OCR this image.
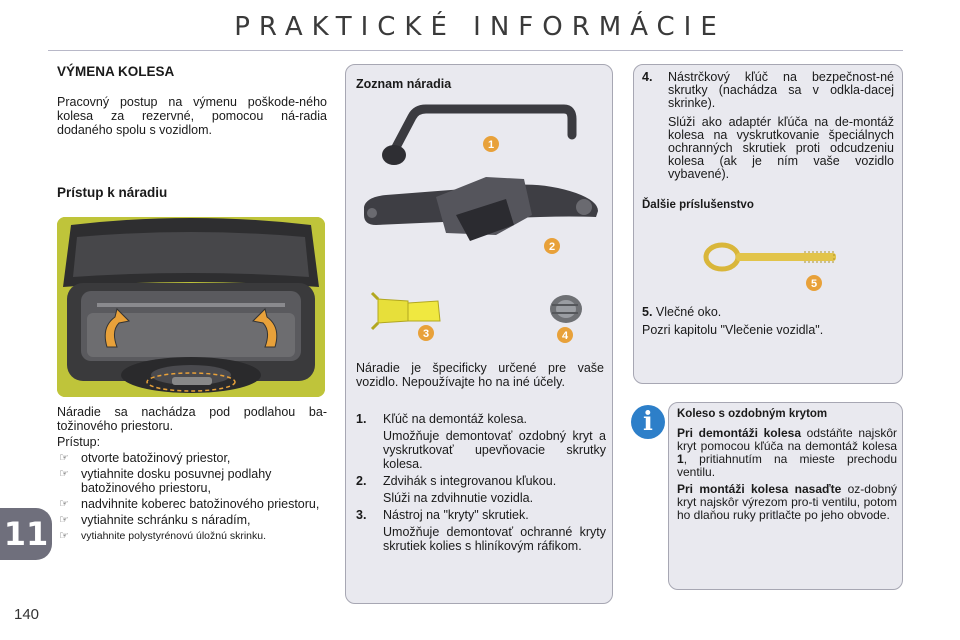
PRAKTICKÉ INFORMÁCIE
VÝMENA KOLESA
Pracovný postup na výmenu poškode-ného kolesa za rezervné, pomocou ná-radia dodaného spolu s vozidlom.
Prístup k náradiu
Náradie sa nachádza pod podlahou ba-tožinového priestoru.
Prístup:
☞ otvorte batožinový priestor,
☞ vytiahnite dosku posuvnej podlahy batožinového priestoru,
☞ nadvihnite koberec batožinového priestoru,
☞ vytiahnite schránku s náradím,
☞ vytiahnite polystyrénovú úložnú skrinku.
11
140
Zoznam náradia
1
2
3	4
Náradie je špecificky určené pre vaše vozidlo. Nepoužívajte ho na iné účely.
1. Kľúč na demontáž kolesa.

Umožňuje demontovať ozdobný kryt a vyskrutkovať upevňovacie skrutky kolesa.

2. Zdvihák s integrovanou kľukou.

Slúži na zdvihnutie vozidla.

3. Nástroj na "kryty" skrutiek.

Umožňuje demontovať ochranné kryty skrutiek kolies s hliníkovým ráfikom.

4. Nástrčkový kľúč na bezpečnost-né skrutky (nachádza sa v odkla-dacej skrinke).

Slúži ako adaptér kľúča na de-montáž kolesa na vyskrutkovanie špeciálnych ochranných skrutiek proti odcudzeniu kolesa (ak je ním vaše vozidlo vybavené).

Ďalšie príslušenstvo
5
5. Vlečné oko.
Pozri kapitolu "Vlečenie vozidla".
i	Koleso s ozdobným krytom

Pri demontáži kolesa odstáňte najskôr kryt pomocou kľúča na demontáž kolesa 1, pritiahnutím na mieste prechodu ventilu.

Pri montáži kolesa nasaďte oz-dobný kryt najskôr výrezom pro-ti ventilu, potom ho dlaňou ruky pritlačte po jeho obvode.
